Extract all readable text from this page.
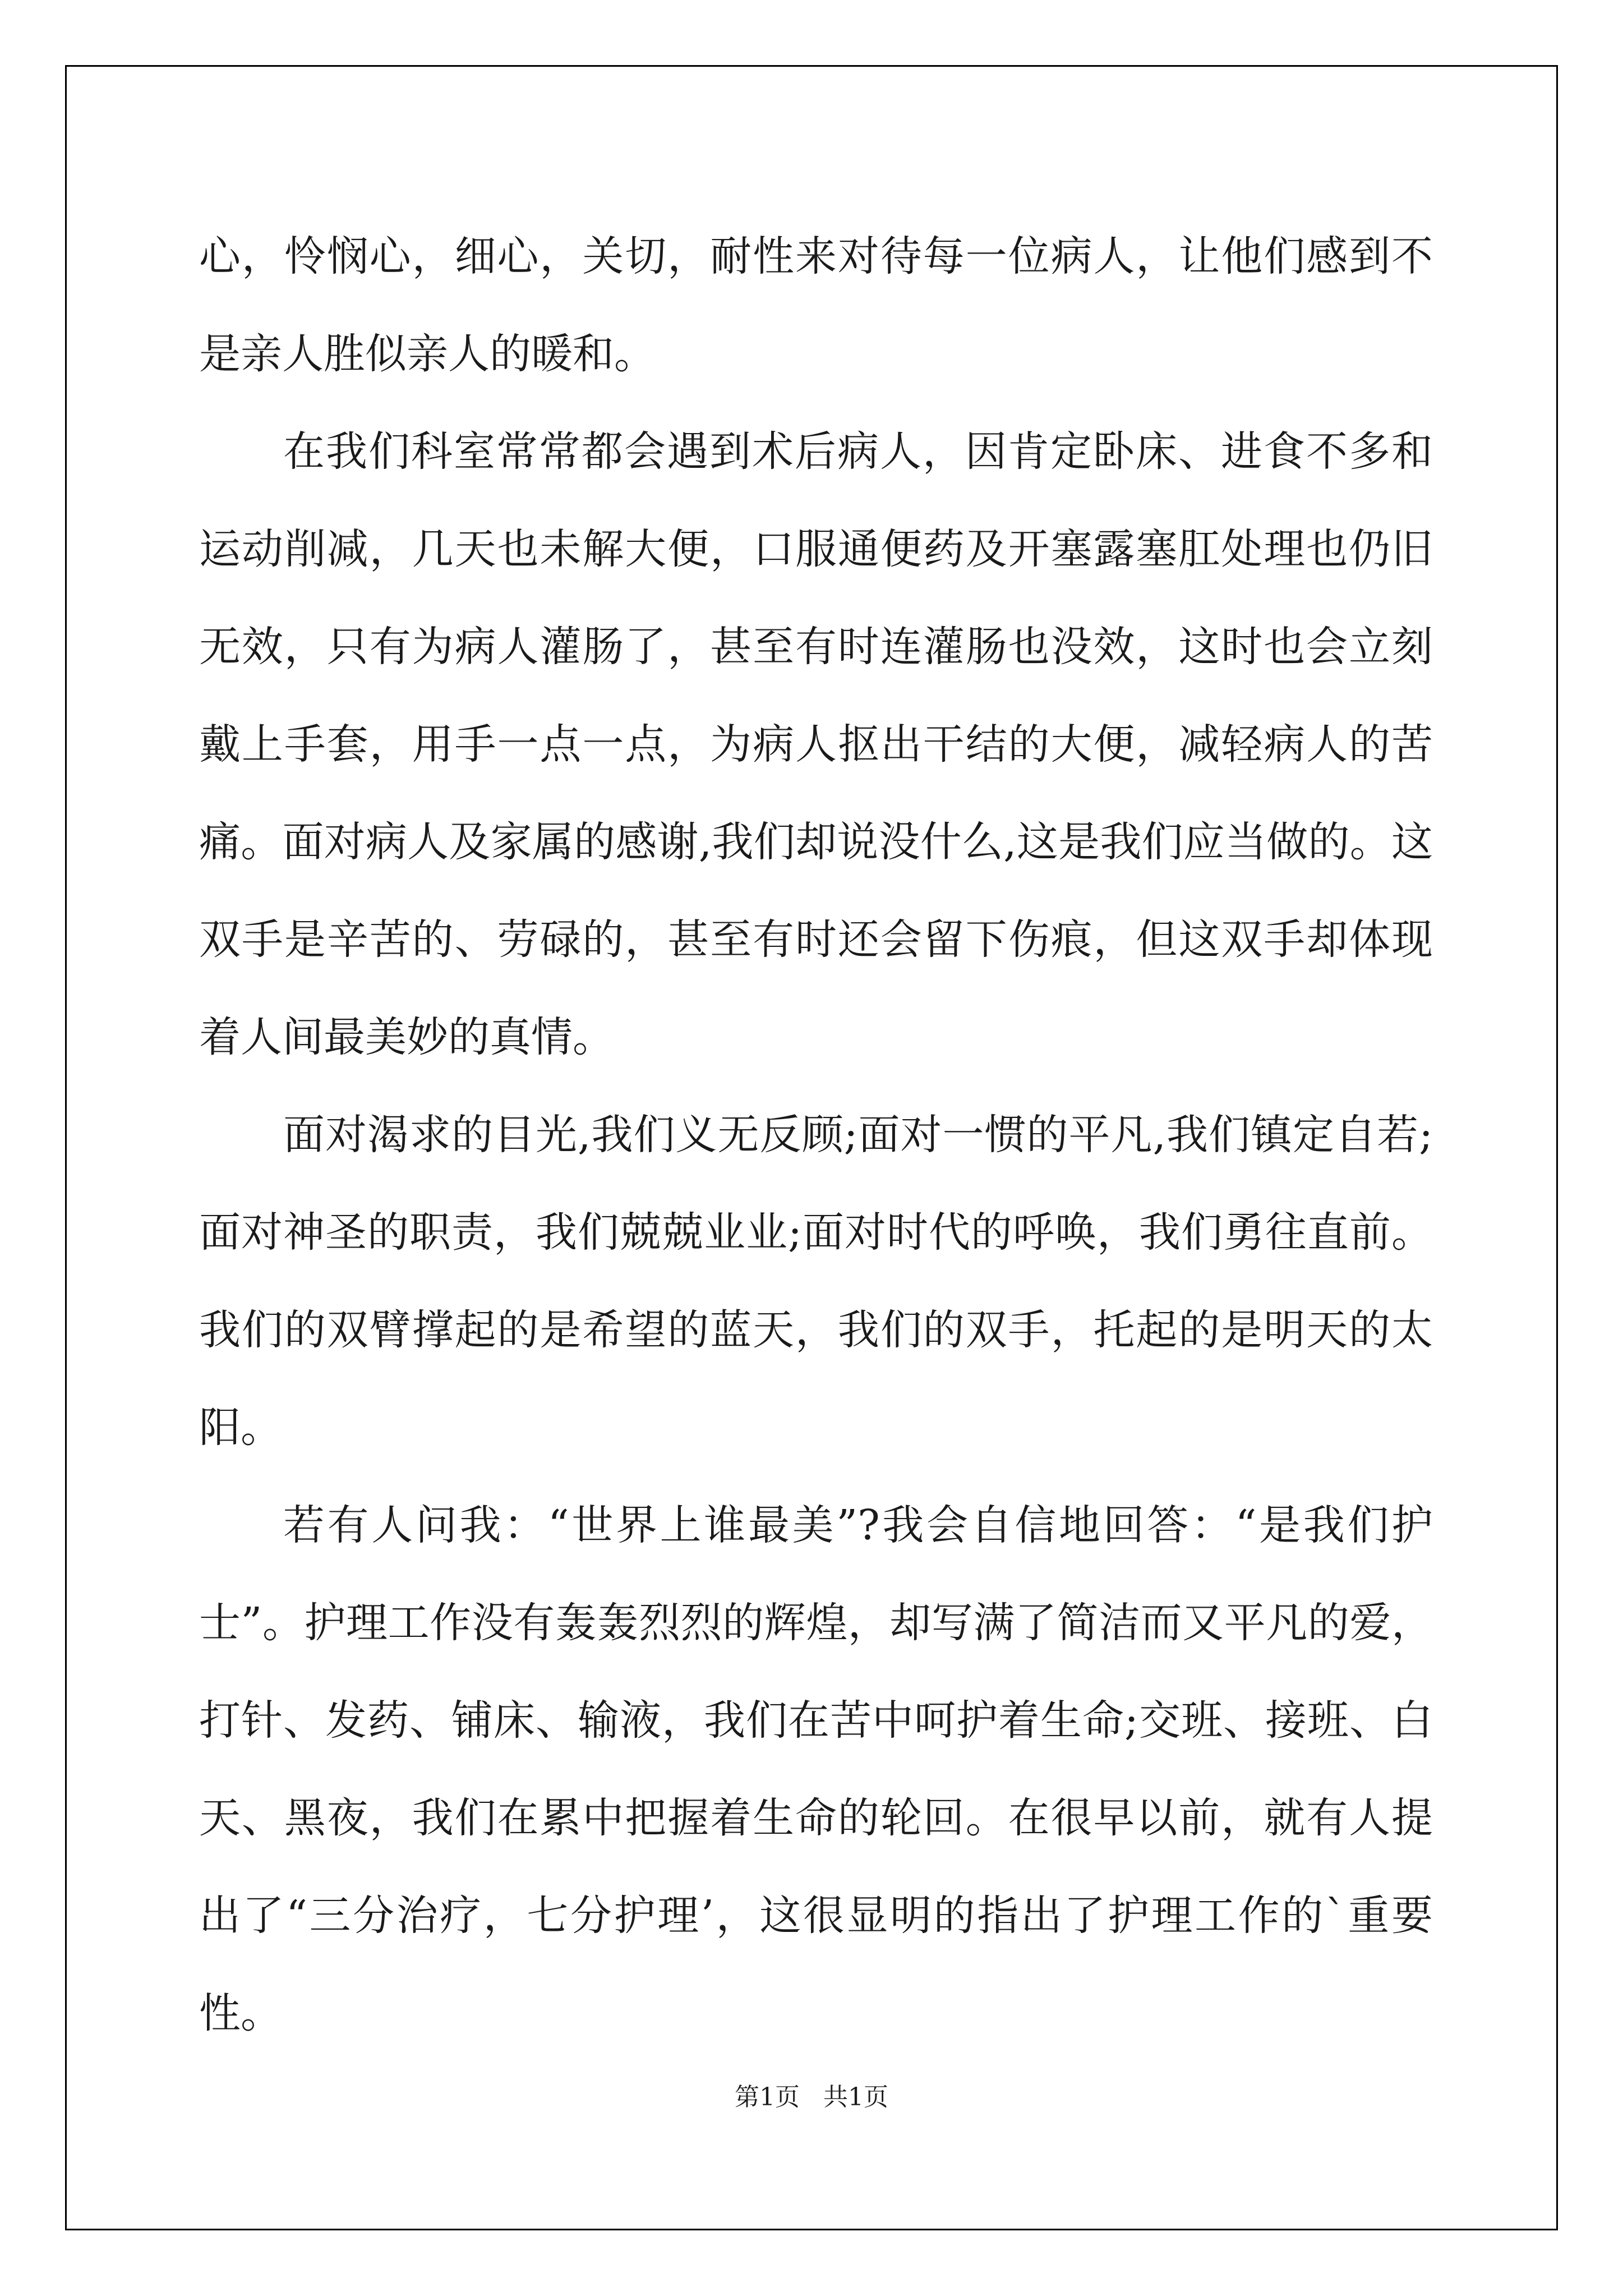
心，怜悯心，细心，关切，耐性来对待每一位病人，让他们感到不是亲人胜似亲人的暖和。

在我们科室常常都会遇到术后病人，因肯定卧床、进食不多和运动削减，几天也未解大便，口服通便药及开塞露塞肛处理也仍旧无效，只有为病人灌肠了，甚至有时连灌肠也没效，这时也会立刻戴上手套，用手一点一点，为病人抠出干结的大便，减轻病人的苦痛。面对病人及家属的感谢,我们却说没什么,这是我们应当做的。这双手是辛苦的、劳碌的，甚至有时还会留下伤痕，但这双手却体现着人间最美妙的真情。

面对渴求的目光,我们义无反顾;面对一惯的平凡,我们镇定自若;面对神圣的职责，我们兢兢业业;面对时代的呼唤，我们勇往直前。我们的双臂撑起的是希望的蓝天，我们的双手，托起的是明天的太阳。

若有人问我：“世界上谁最美”?我会自信地回答：“是我们护士”。护理工作没有轰轰烈烈的辉煌，却写满了简洁而又平凡的爱，打针、发药、铺床、输液，我们在苦中呵护着生命;交班、接班、白天、黑夜，我们在累中把握着生命的轮回。在很早以前，就有人提出了“三分治疗，七分护理’，这很显明的指出了护理工作的`重要性。

第1页   共1页
